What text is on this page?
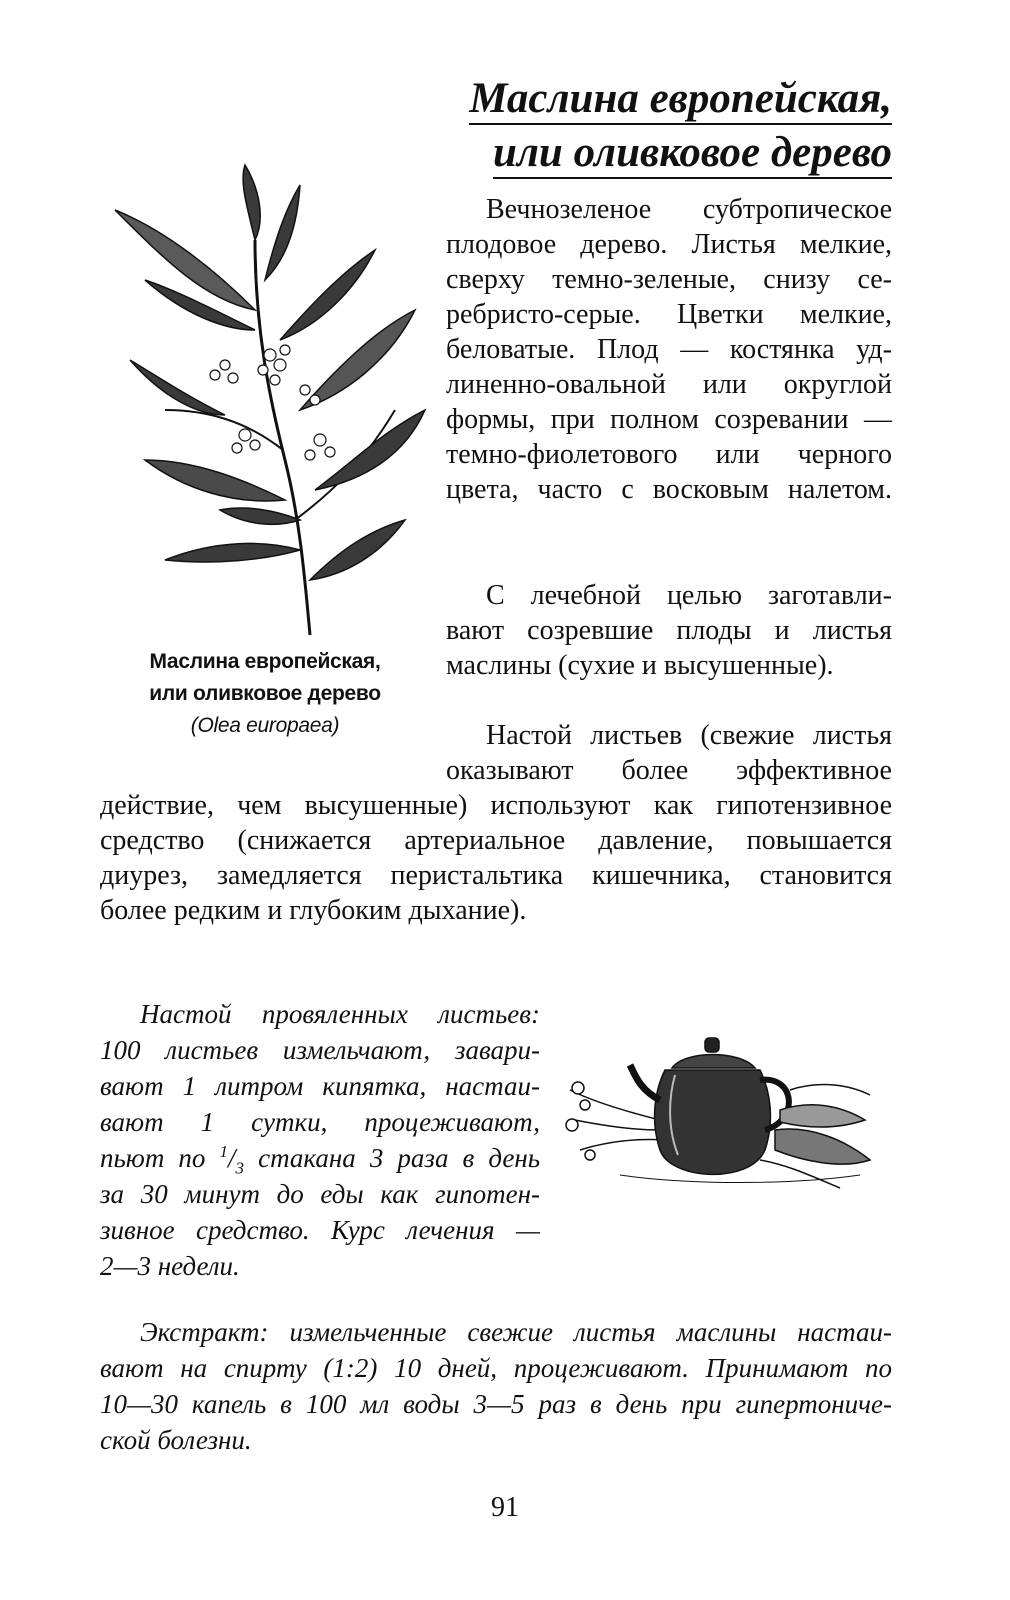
Маслина европейская,
или оливковое дерево
Маслина европейская,
или оливковое дерево
(Olea europaea)
Вечнозеленое субтропическое
плодовое дерево. Листья мелкие,
сверху темно-зеленые, снизу се-
ребристо-серые. Цветки мелкие,
беловатые. Плод — костянка уд-
линенно-овальной или округлой
формы, при полном созревании —
темно-фиолетового или черного
цвета, часто с восковым налетом.
С лечебной целью заготавли-
вают созревшие плоды и листья
маслины (сухие и высушенные).
Настой листьев (свежие листья
оказывают более эффективное
действие, чем высушенные) используют как гипотензивное
средство (снижается артериальное давление, повышается
диурез, замедляется перистальтика кишечника, становится
более редким и глубоким дыхание).
Настой провяленных листьев:
100 листьев измельчают, завари-
вают 1 литром кипятка, настаи-
вают 1 сутки, процеживают,
пьют по $^1/_3$ стакана 3 раза в день
за 30 минут до еды как гипотен-
зивное средство. Курс лечения —
2—3 недели.
Экстракт: измельченные свежие листья маслины настаи-
вают на спирту (1:2) 10 дней, процеживают. Принимают по
10—30 капель в 100 мл воды 3—5 раз в день при гипертониче-
ской болезни.
91
